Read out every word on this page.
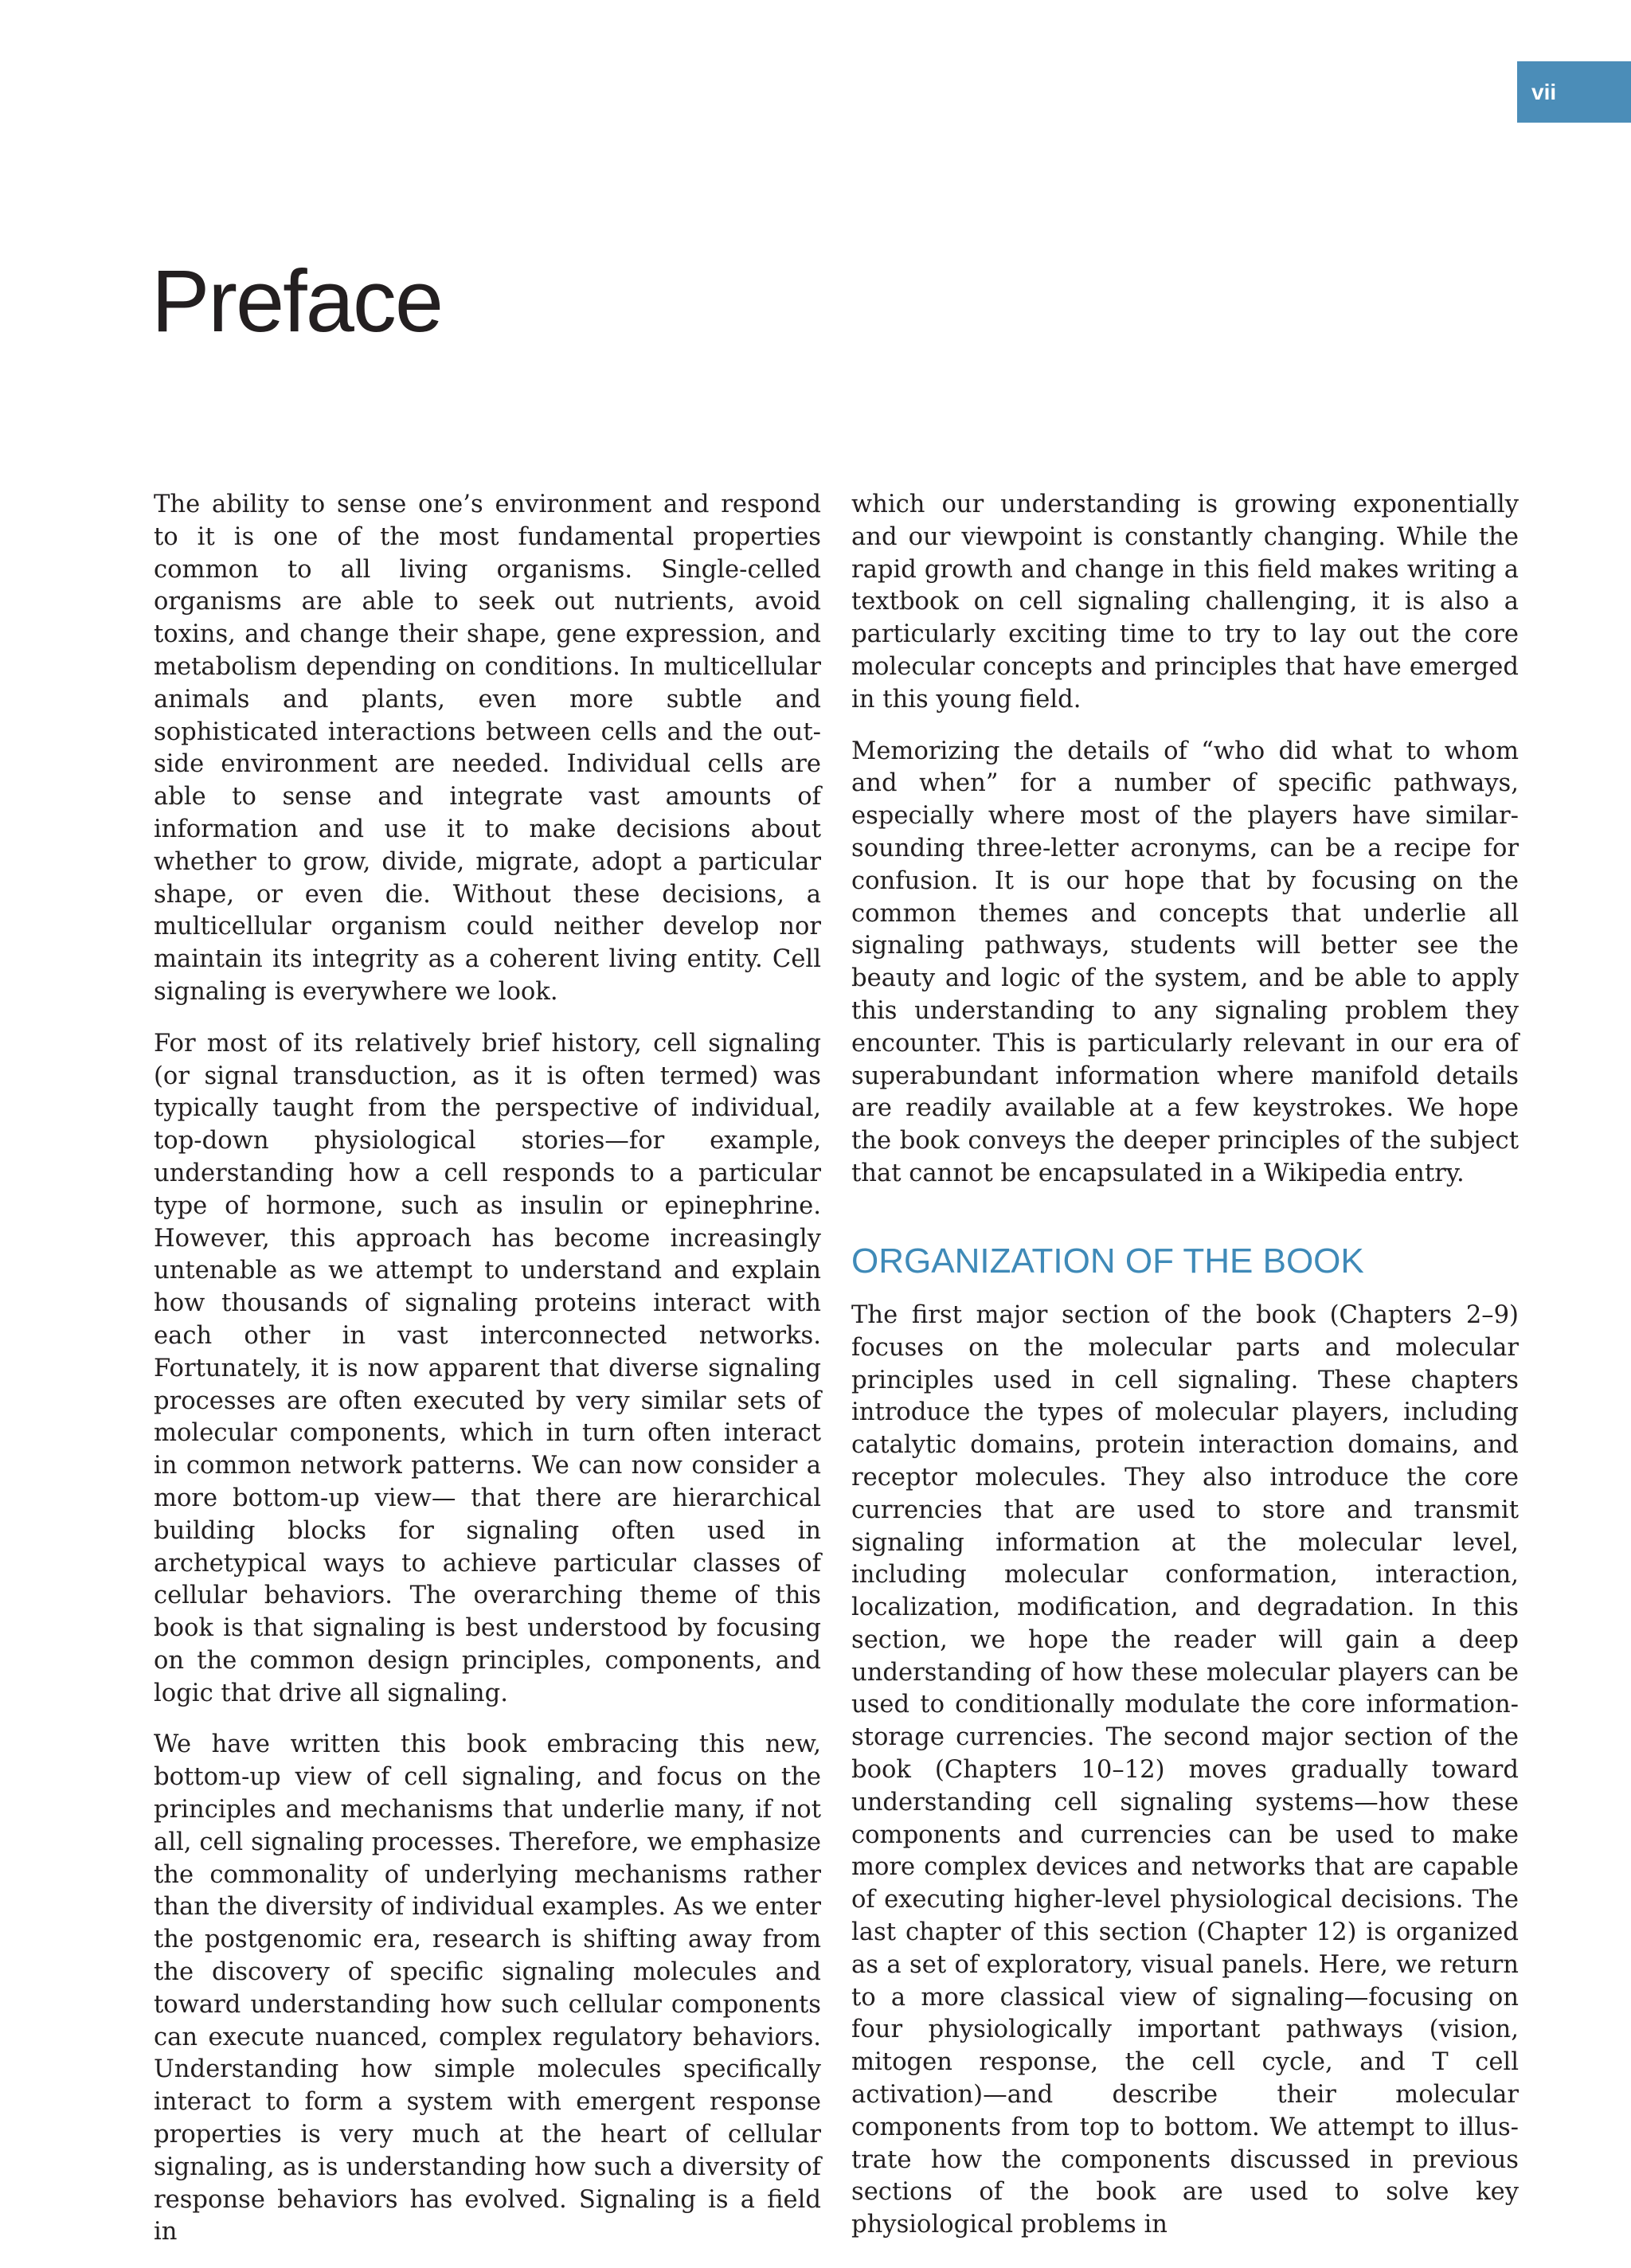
vii
Preface

The ability to sense one’s environment and respond to it is one of the most fundamental properties common to all living organisms. Single-celled organisms are able to seek out nutrients, avoid toxins, and change their shape, gene expression, and metabolism depending on conditions. In multicellular animals and plants, even more subtle and sophisticated interactions between cells and the outside environment are needed. Individual cells are able to sense and integrate vast amounts of information and use it to make decisions about whether to grow, divide, migrate, adopt a particular shape, or even die. Without these decisions, a multicellular organism could neither develop nor maintain its integrity as a coherent living entity. Cell signaling is everywhere we look.

For most of its relatively brief history, cell signaling (or signal transduction, as it is often termed) was typically taught from the perspective of individual, top-down physiological stories—for example, understanding how a cell responds to a particular type of hormone, such as insulin or epinephrine. However, this approach has become increasingly untenable as we attempt to understand and explain how thousands of signaling proteins interact with each other in vast interconnected networks. Fortunately, it is now apparent that diverse signaling processes are often executed by very similar sets of molecular components, which in turn often interact in common network patterns. We can now consider a more bottom-up view— that there are hierarchical building blocks for signaling often used in archetypical ways to achieve particular classes of cellular behaviors. The overarching theme of this book is that signaling is best understood by focusing on the common design principles, components, and logic that drive all signaling.

We have written this book embracing this new, bottom-up view of cell signaling, and focus on the principles and mechanisms that underlie many, if not all, cell signaling processes. Therefore, we emphasize the commonality of underlying mechanisms rather than the diversity of individual examples. As we enter the postgenomic era, research is shifting away from the discovery of specific signaling molecules and toward understanding how such cellular components can execute nuanced, complex regulatory behaviors. Understanding how simple molecules specifically interact to form a system with emergent response properties is very much at the heart of cellular signaling, as is understanding how such a diversity of response behaviors has evolved. Signaling is a field in

which our understanding is growing exponentially and our viewpoint is constantly changing. While the rapid growth and change in this field makes writing a textbook on cell signaling challenging, it is also a particularly exciting time to try to lay out the core molecular concepts and principles that have emerged in this young field.

Memorizing the details of “who did what to whom and when” for a number of specific pathways, especially where most of the players have similar-sounding three-letter acronyms, can be a recipe for confusion. It is our hope that by focusing on the common themes and concepts that underlie all signaling pathways, students will better see the beauty and logic of the system, and be able to apply this understanding to any signaling problem they encounter. This is particularly relevant in our era of superabundant information where manifold details are readily available at a few keystrokes. We hope the book conveys the deeper principles of the subject that cannot be encapsulated in a Wikipedia entry.

ORGANIZATION OF THE BOOK

The first major section of the book (Chapters 2–9) focuses on the molecular parts and molecular principles used in cell signaling. These chapters introduce the types of molecular players, including catalytic domains, protein interaction domains, and receptor molecules. They also introduce the core currencies that are used to store and transmit signaling information at the molecular level, including molecular conformation, interaction, localization, modification, and degradation. In this section, we hope the reader will gain a deep understanding of how these molecular players can be used to conditionally modulate the core information-storage currencies. The second major section of the book (Chapters 10–12) moves gradually toward understanding cell signaling systems—how these components and currencies can be used to make more complex devices and networks that are capable of executing higher-level physiological decisions. The last chapter of this section (Chapter 12) is organized as a set of exploratory, visual panels. Here, we return to a more classical view of signaling—focusing on four physiologically important pathways (vision, mitogen response, the cell cycle, and T cell activation)—and describe their molecular components from top to bottom. We attempt to illustrate how the components discussed in previous sections of the book are used to solve key physiological problems in
